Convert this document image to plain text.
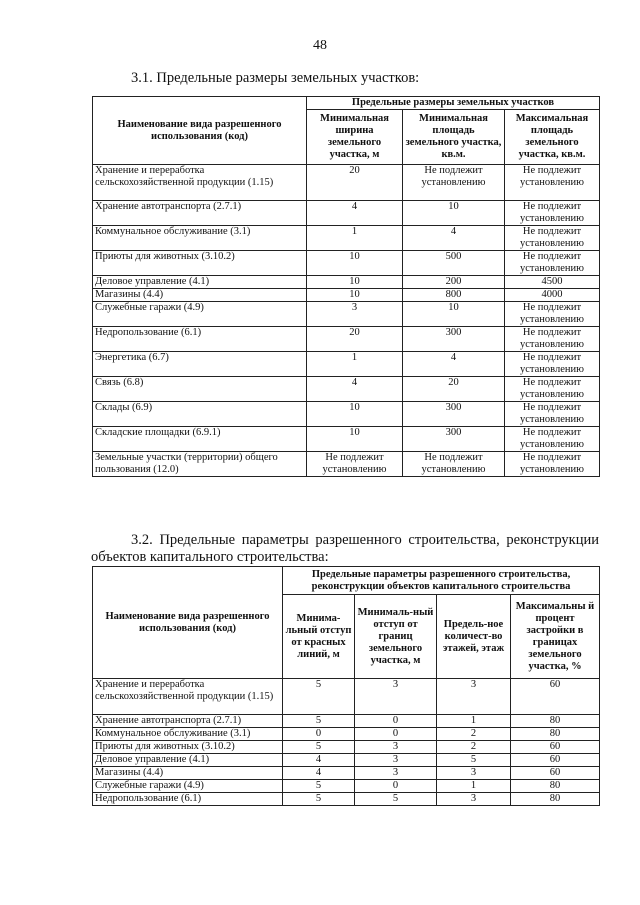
48
3.1. Предельные размеры земельных участков:
Наименование вида разрешенного использования (код)	Предельные размеры земельных участков		
	Минимальная ширина земельного участка, м	Минимальная площадь земельного участка, кв.м.	Максимальная площадь земельного участка, кв.м.
Хранение и переработка сельскохозяйственной продукции (1.15)	20	Не подлежит установлению	Не подлежит установлению
Хранение автотранспорта (2.7.1)	4	10	Не подлежит установлению
Коммунальное обслуживание (3.1)	1	4	Не подлежит установлению
Приюты для животных (3.10.2)	10	500	Не подлежит установлению
Деловое управление (4.1)	10	200	4500
Магазины (4.4)	10	800	4000
Служебные гаражи (4.9)	3	10	Не подлежит установлению
Недропользование (6.1)	20	300	Не подлежит установлению
Энергетика (6.7)	1	4	Не подлежит установлению
Связь (6.8)	4	20	Не подлежит установлению
Склады (6.9)	10	300	Не подлежит установлению
Складские площадки (6.9.1)	10	300	Не подлежит установлению
Земельные участки (территории) общего пользования (12.0)	Не подлежит установлению	Не подлежит установлению	Не подлежит установлению
3.2. Предельные параметры разрешенного строительства, реконструкции объектов капитального строительства:
Наименование вида разрешенного использования (код)	Предельные параметры разрешенного строительства, реконструкции объектов капитального строительства			
	Минима-льный отступ от красных линий, м	Минималь-ный отступ от границ земельного участка, м	Предель-ное количест-во этажей, этаж	Максимальны й процент застройки в границах земельного участка, %
Хранение и переработка сельскохозяйственной продукции (1.15)	5	3	3	60
Хранение автотранспорта (2.7.1)	5	0	1	80
Коммунальное обслуживание (3.1)	0	0	2	80
Приюты для животных (3.10.2)	5	3	2	60
Деловое управление (4.1)	4	3	5	60
Магазины (4.4)	4	3	3	60
Служебные гаражи (4.9)	5	0	1	80
Недропользование (6.1)	5	5	3	80
